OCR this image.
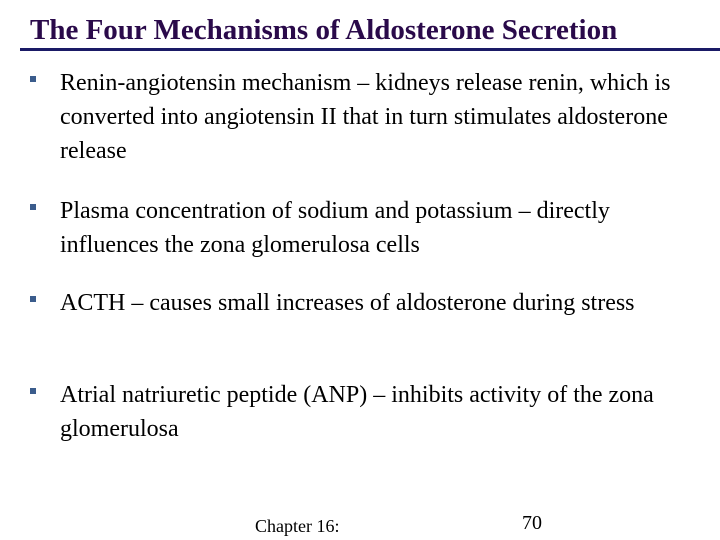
The Four Mechanisms of Aldosterone Secretion
Renin-angiotensin mechanism – kidneys release renin, which is converted into angiotensin II that in turn stimulates aldosterone release
Plasma concentration of sodium and potassium – directly influences the zona glomerulosa cells
ACTH – causes small increases of aldosterone during stress
Atrial natriuretic peptide (ANP) – inhibits activity of the zona glomerulosa
Chapter 16:	70
